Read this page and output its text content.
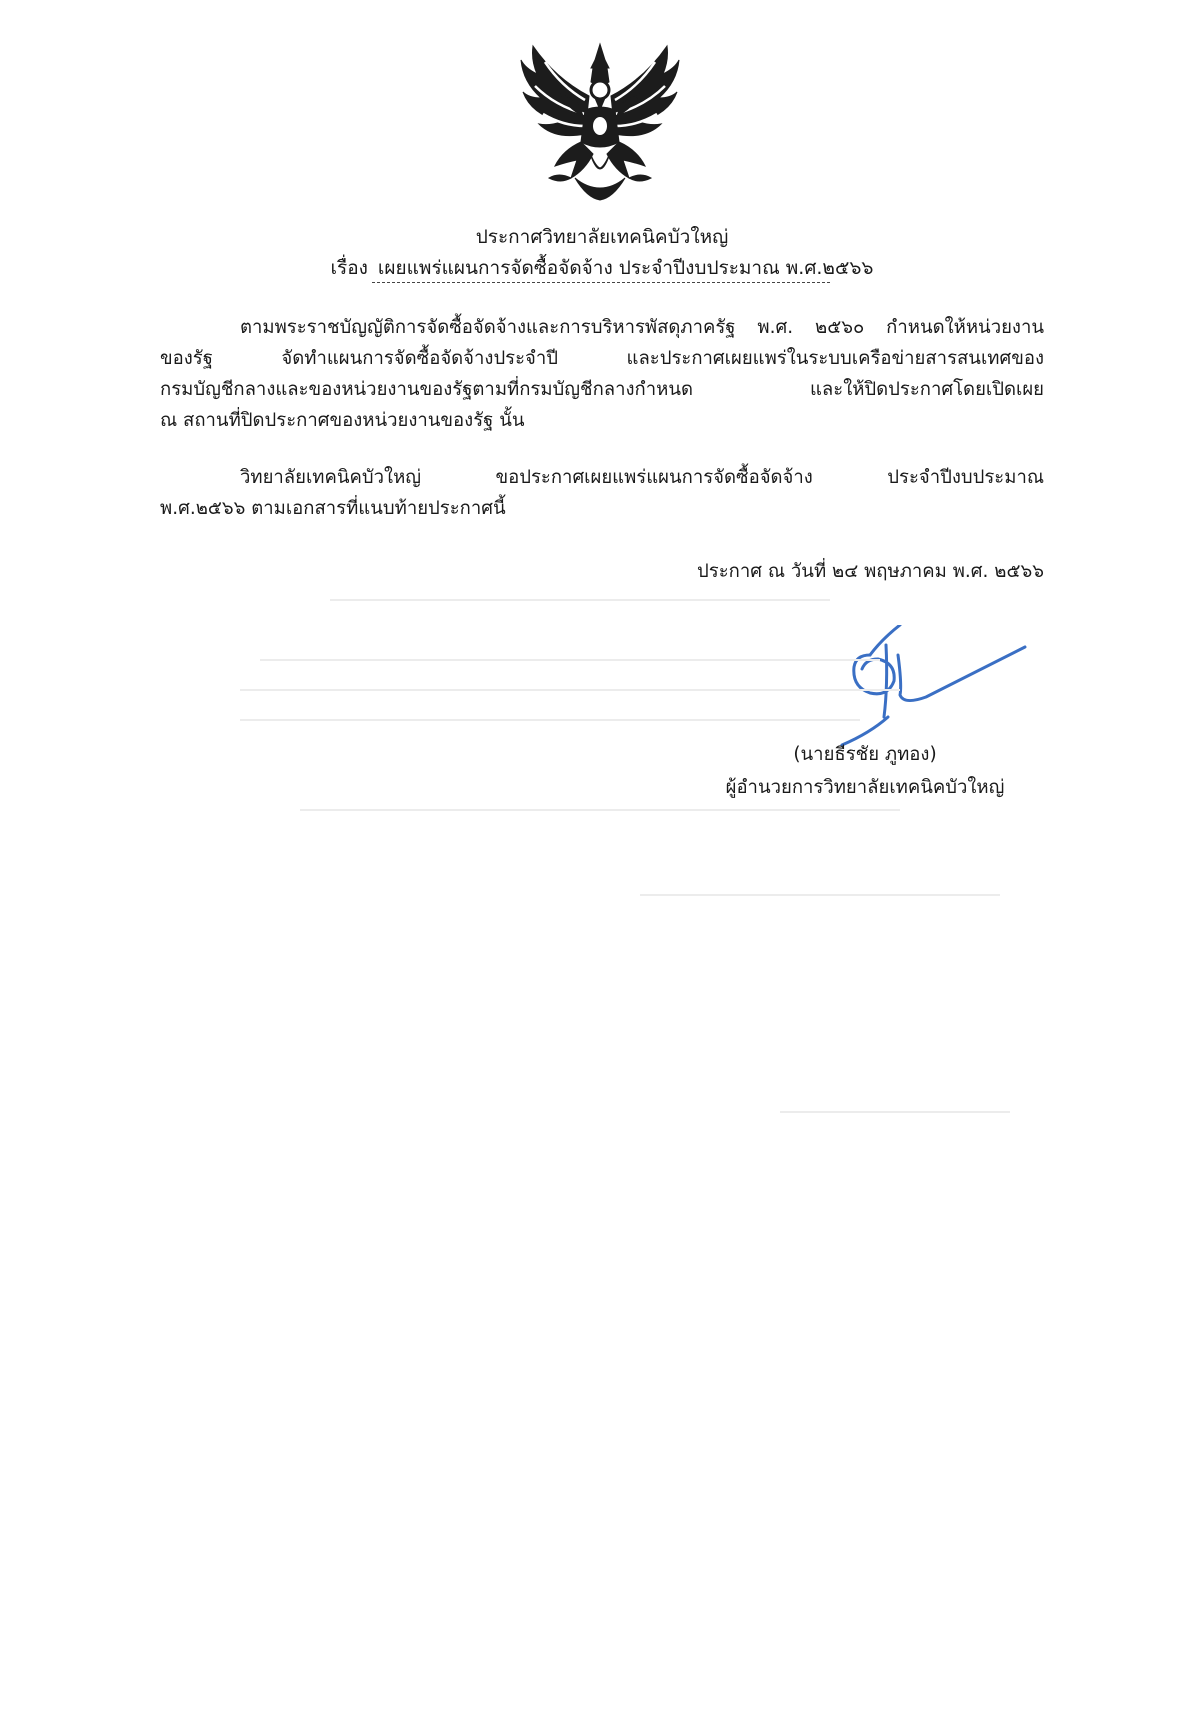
ประกาศวิทยาลัยเทคนิคบัวใหญ่
เรื่อง เผยแพร่แผนการจัดซื้อจัดจ้าง ประจำปีงบประมาณ พ.ศ.๒๕๖๖
ตามพระราชบัญญัติการจัดซื้อจัดจ้างและการบริหารพัสดุภาครัฐ พ.ศ. ๒๕๖๐ กำหนดให้หน่วยงาน
ของรัฐ จัดทำแผนการจัดซื้อจัดจ้างประจำปี และประกาศเผยแพร่ในระบบเครือข่ายสารสนเทศของ
กรมบัญชีกลางและของหน่วยงานของรัฐตามที่กรมบัญชีกลางกำหนด และให้ปิดประกาศโดยเปิดเผย
ณ สถานที่ปิดประกาศของหน่วยงานของรัฐ นั้น
วิทยาลัยเทคนิคบัวใหญ่ ขอประกาศเผยแพร่แผนการจัดซื้อจัดจ้าง ประจำปีงบประมาณ
พ.ศ.๒๕๖๖ ตามเอกสารที่แนบท้ายประกาศนี้
ประกาศ ณ วันที่ ๒๔ พฤษภาคม พ.ศ. ๒๕๖๖
(นายธีรชัย ภูทอง)
ผู้อำนวยการวิทยาลัยเทคนิคบัวใหญ่
